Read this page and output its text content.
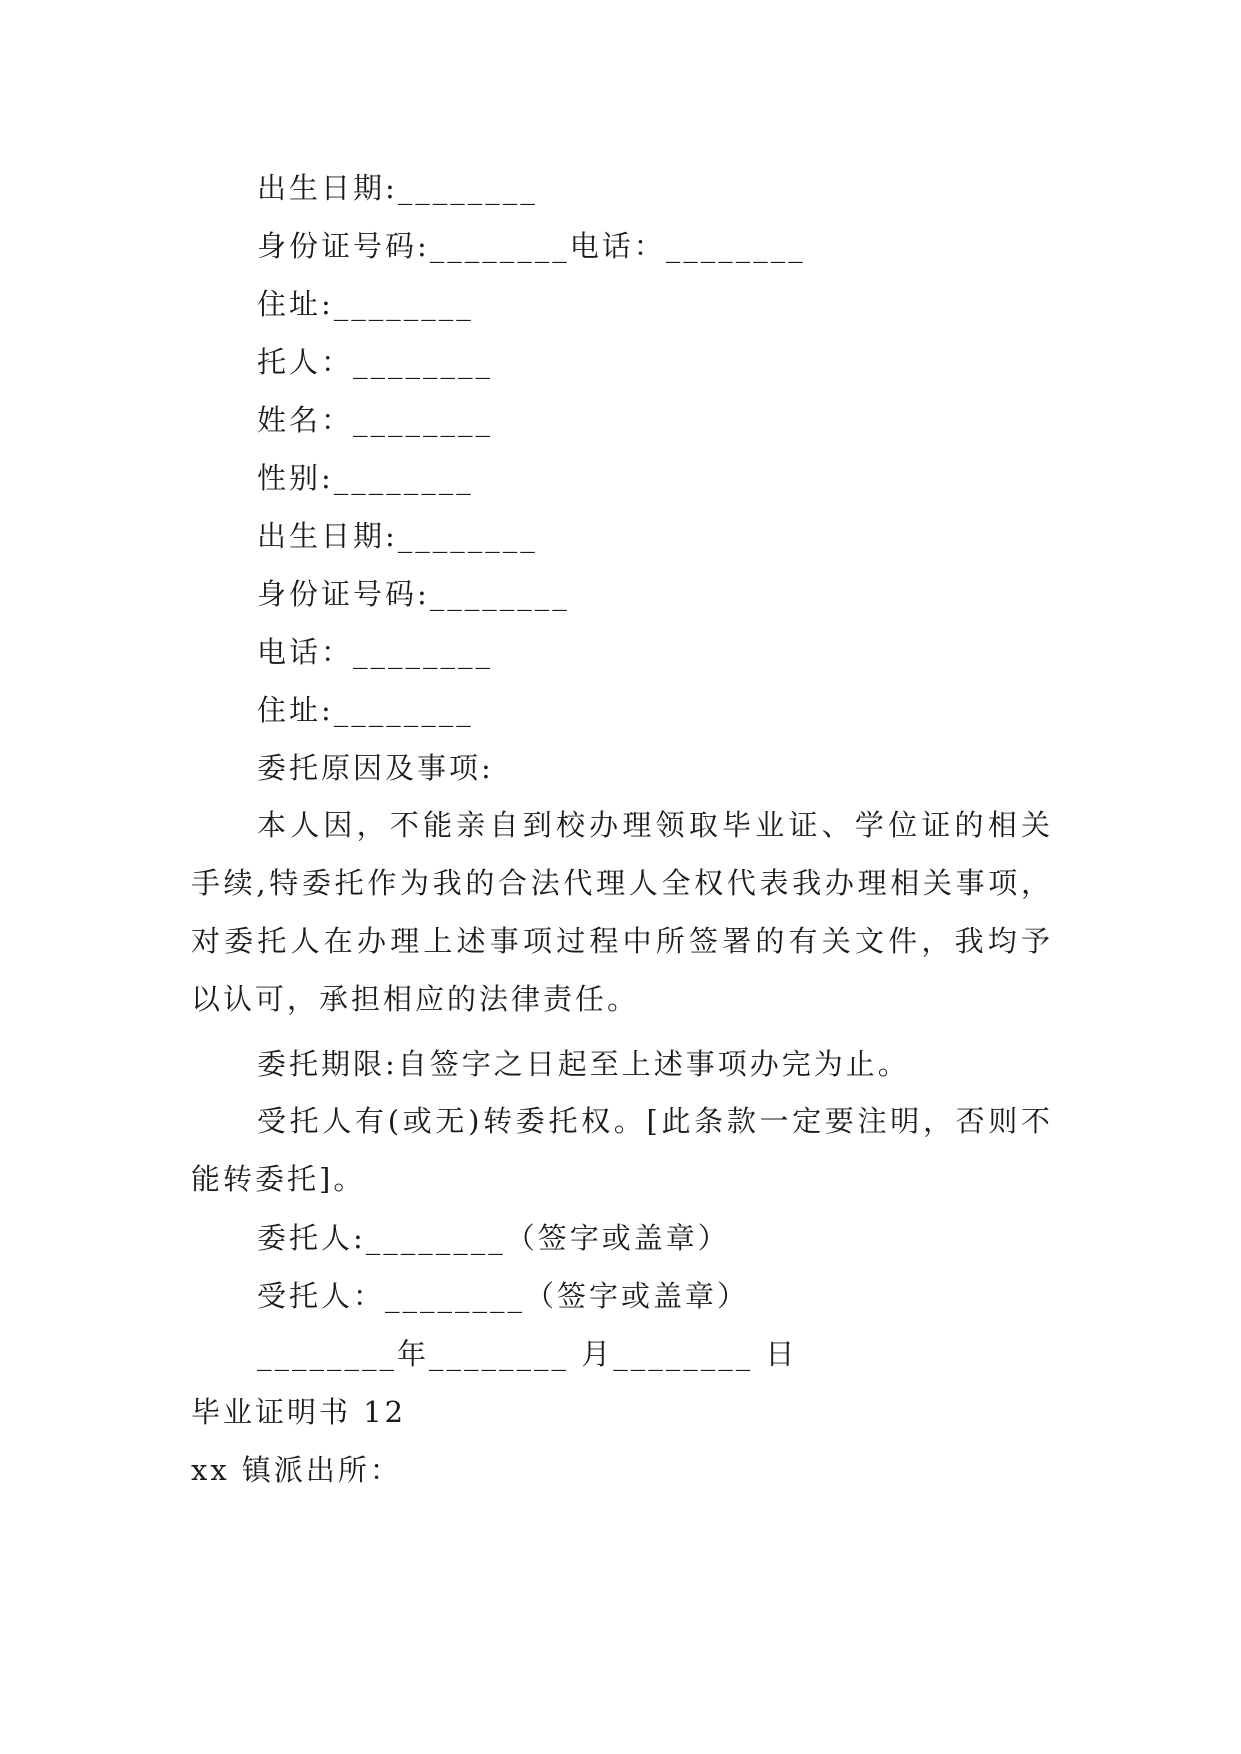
出生日期:________
身份证号码:________电话：________
住址:________
托人：________
姓名：________
性别:________
出生日期:________
身份证号码:________
电话：________
住址:________
委托原因及事项:
本人因，不能亲自到校办理领取毕业证、学位证的相关手续,特委托作为我的合法代理人全权代表我办理相关事项，对委托人在办理上述事项过程中所签署的有关文件，我均予以认可，承担相应的法律责任。
委托期限:自签字之日起至上述事项办完为止。
受托人有(或无)转委托权。[此条款一定要注明，否则不能转委托]。
委托人:________（签字或盖章）
受托人：________（签字或盖章）
________年________ 月________ 日
毕业证明书 12
xx 镇派出所：
